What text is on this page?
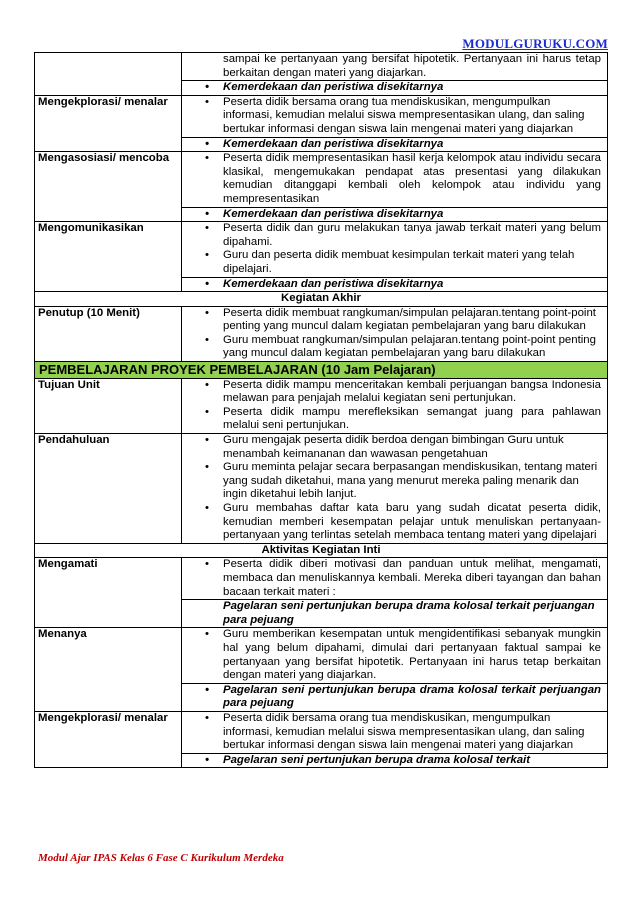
MODULGURUKU.COM

	sampai ke pertanyaan yang bersifat hipotetik. Pertanyaan ini harus tetap berkaitan dengan materi yang diajarkan.

	• Kemerdekaan dan peristiwa disekitarnya

Mengekplorasi/ menalar	• Peserta didik bersama orang tua mendiskusikan, mengumpulkan informasi, kemudian melalui siswa mempresentasikan ulang, dan saling bertukar informasi dengan siswa lain mengenai materi yang diajarkan

	• Kemerdekaan dan peristiwa disekitarnya

Mengasosiasi/ mencoba	• Peserta didik mempresentasikan hasil kerja kelompok atau individu secara klasikal, mengemukakan pendapat atas presentasi yang dilakukan kemudian ditanggapi kembali oleh kelompok atau individu yang mempresentasikan

	• Kemerdekaan dan peristiwa disekitarnya

Mengomunikasikan	• Peserta didik dan guru melakukan tanya jawab terkait materi yang belum dipahami.
• Guru dan peserta didik membuat kesimpulan terkait materi yang telah dipelajari.

	• Kemerdekaan dan peristiwa disekitarnya

Kegiatan Akhir	
Penutup (10 Menit)	• Peserta didik membuat rangkuman/simpulan pelajaran.tentang point-point penting yang muncul dalam kegiatan pembelajaran yang baru dilakukan
• Guru membuat rangkuman/simpulan pelajaran.tentang point-point penting yang muncul dalam kegiatan pembelajaran yang baru dilakukan

PEMBELAJARAN PROYEK PEMBELAJARAN (10 Jam Pelajaran)	
Tujuan Unit	• Peserta didik mampu menceritakan kembali perjuangan bangsa Indonesia melawan para penjajah melalui kegiatan seni pertunjukan.
• Peserta didik mampu merefleksikan semangat juang para pahlawan melalui seni pertunjukan.

Pendahuluan	• Guru mengajak peserta didik berdoa dengan bimbingan Guru untuk menambah keimananan dan wawasan pengetahuan
• Guru meminta pelajar secara berpasangan mendiskusikan, tentang materi yang sudah diketahui, mana yang menurut mereka paling menarik dan ingin diketahui lebih lanjut.
• Guru membahas daftar kata baru yang sudah dicatat peserta didik, kemudian memberi kesempatan pelajar untuk menuliskan pertanyaan-pertanyaan yang terlintas setelah membaca tentang materi yang dipelajari

Aktivitas Kegiatan Inti	
Mengamati	• Peserta didik diberi motivasi dan panduan untuk melihat, mengamati, membaca dan menuliskannya kembali. Mereka diberi tayangan dan bahan bacaan terkait materi :

	Pagelaran seni pertunjukan berupa drama kolosal terkait perjuangan para pejuang

Menanya	• Guru memberikan kesempatan untuk mengidentifikasi sebanyak mungkin hal yang belum dipahami, dimulai dari pertanyaan faktual sampai ke pertanyaan yang bersifat hipotetik. Pertanyaan ini harus tetap berkaitan dengan materi yang diajarkan.

	• Pagelaran seni pertunjukan berupa drama kolosal terkait perjuangan para pejuang

Mengekplorasi/ menalar	• Peserta didik bersama orang tua mendiskusikan, mengumpulkan informasi, kemudian melalui siswa mempresentasikan ulang, dan saling bertukar informasi dengan siswa lain mengenai materi yang diajarkan

	• Pagelaran seni pertunjukan berupa drama kolosal terkait
Modul Ajar IPAS Kelas 6 Fase C Kurikulum Merdeka
